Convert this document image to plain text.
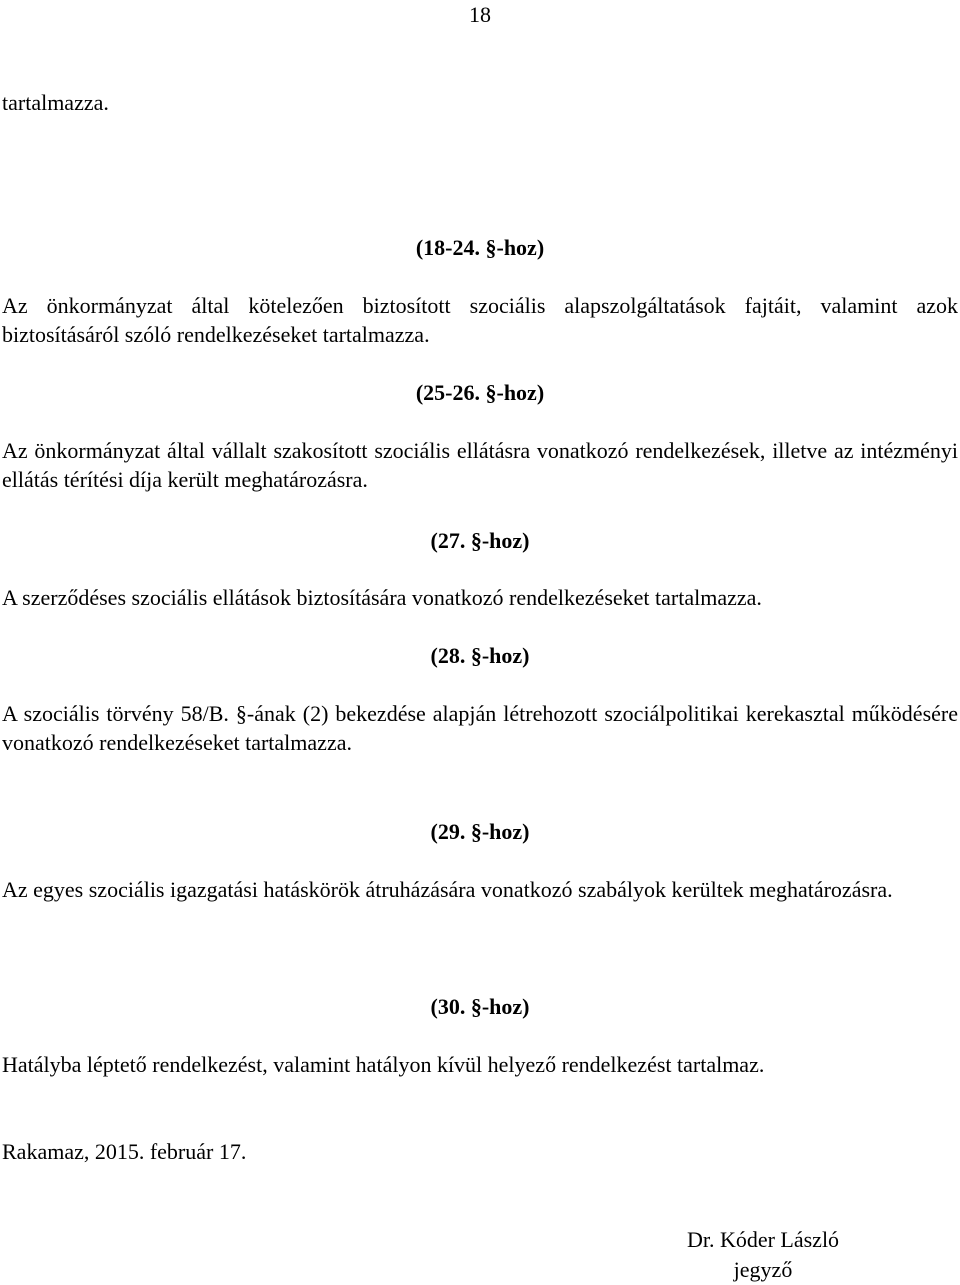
18

tartalmazza.

(18-24. §-hoz)

Az önkormányzat által kötelezően biztosított szociális alapszolgáltatások fajtáit, valamint azok biztosításáról szóló rendelkezéseket tartalmazza.

(25-26. §-hoz)

Az önkormányzat által vállalt szakosított szociális ellátásra vonatkozó rendelkezések, illetve az intézményi ellátás térítési díja került meghatározásra.

(27. §-hoz)

A szerződéses szociális ellátások biztosítására vonatkozó rendelkezéseket tartalmazza.

(28. §-hoz)

A szociális törvény 58/B. §-ának (2) bekezdése alapján létrehozott szociálpolitikai kerekasztal működésére vonatkozó rendelkezéseket tartalmazza.

(29. §-hoz)

Az egyes szociális igazgatási hatáskörök átruházására vonatkozó szabályok kerültek meghatározásra.

(30. §-hoz)

Hatályba léptető rendelkezést, valamint hatályon kívül helyező rendelkezést tartalmaz.

Rakamaz, 2015. február 17.

Dr. Kóder László

jegyző
